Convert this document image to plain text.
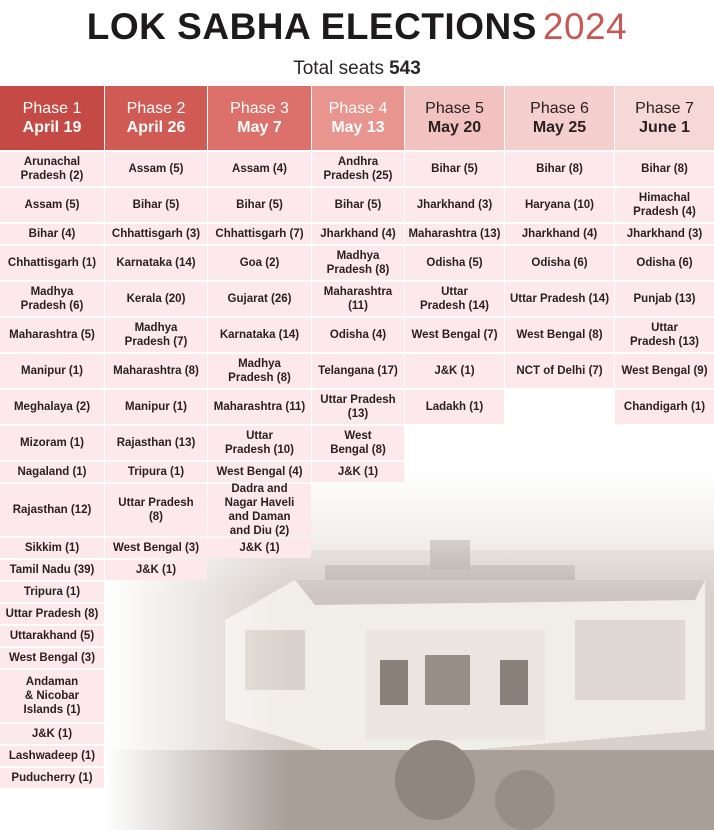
LOK SABHA ELECTIONS 2024
Total seats 543
Phase 1
April 19
Arunachal
Pradesh (2)
Assam (5)
Bihar (4)
Chhattisgarh (1)
Madhya
Pradesh (6)
Maharashtra (5)
Manipur (1)
Meghalaya (2)
Mizoram (1)
Nagaland (1)
Rajasthan (12)
Sikkim (1)
Tamil Nadu (39)
Tripura (1)
Uttar Pradesh (8)
Uttarakhand (5)
West Bengal (3)
Andaman
& Nicobar
Islands (1)
J&K (1)
Lashwadeep (1)
Puducherry (1)
Phase 2
April 26
Assam (5)
Bihar (5)
Chhattisgarh (3)
Karnataka (14)
Kerala (20)
Madhya
Pradesh (7)
Maharashtra (8)
Manipur (1)
Rajasthan (13)
Tripura (1)
Uttar Pradesh
(8)
West Bengal (3)
J&K (1)
Phase 3
May 7
Assam (4)
Bihar (5)
Chhattisgarh (7)
Goa (2)
Gujarat (26)
Karnataka (14)
Madhya
Pradesh (8)
Maharashtra (11)
Uttar
Pradesh (10)
West Bengal (4)
Dadra and
Nagar Haveli
and Daman
and Diu (2)
J&K (1)
Phase 4
May 13
Andhra
Pradesh (25)
Bihar (5)
Jharkhand (4)
Madhya
Pradesh (8)
Maharashtra
(11)
Odisha (4)
Telangana (17)
Uttar Pradesh
(13)
West
Bengal (8)
J&K (1)
Phase 5
May 20
Bihar (5)
Jharkhand (3)
Maharashtra (13)
Odisha (5)
Uttar
Pradesh (14)
West Bengal (7)
J&K (1)
Ladakh (1)
Phase 6
May 25
Bihar (8)
Haryana (10)
Jharkhand (4)
Odisha (6)
Uttar Pradesh (14)
West Bengal (8)
NCT of Delhi (7)
Phase 7
June 1
Bihar (8)
Himachal
Pradesh (4)
Jharkhand (3)
Odisha (6)
Punjab (13)
Uttar
Pradesh (13)
West Bengal (9)
Chandigarh (1)
